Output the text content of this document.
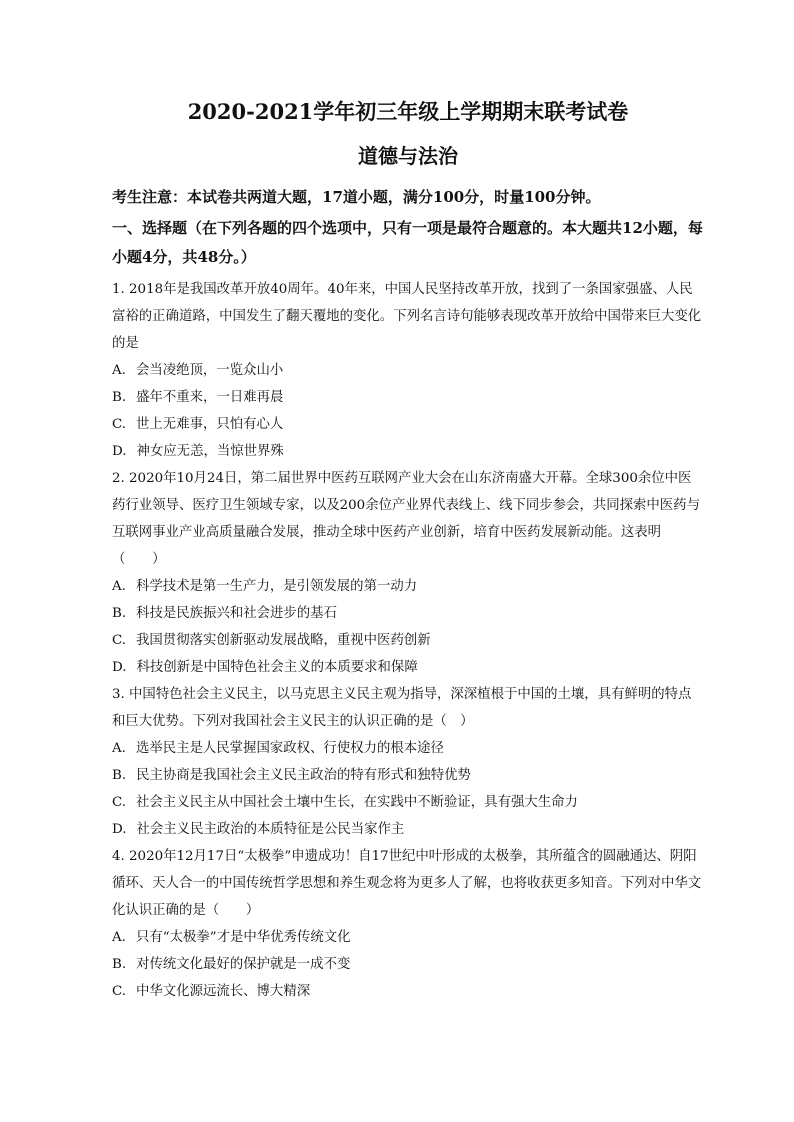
2020-2021学年初三年级上学期期末联考试卷
道德与法治
考生注意：本试卷共两道大题，17道小题，满分100分，时量100分钟。
一、选择题（在下列各题的四个选项中，只有一项是最符合题意的。本大题共12小题，每小题4分，共48分。）

1. 2018年是我国改革开放40周年。40年来，中国人民坚持改革开放，找到了一条国家强盛、人民富裕的正确道路，中国发生了翻天覆地的变化。下列名言诗句能够表现改革开放给中国带来巨大变化的是

A. 会当凌绝顶，一览众山小

B. 盛年不重来，一日难再晨

C. 世上无难事，只怕有心人

D. 神女应无恙，当惊世界殊

2. 2020年10月24日，第二届世界中医药互联网产业大会在山东济南盛大开幕。全球300余位中医药行业领导、医疗卫生领域专家，以及200余位产业界代表线上、线下同步参会，共同探索中医药与互联网事业产业高质量融合发展，推动全球中医药产业创新，培育中医药发展新动能。这表明（　　）

A. 科学技术是第一生产力，是引领发展的第一动力

B. 科技是民族振兴和社会进步的基石

C. 我国贯彻落实创新驱动发展战略，重视中医药创新

D. 科技创新是中国特色社会主义的本质要求和保障

3. 中国特色社会主义民主，以马克思主义民主观为指导，深深植根于中国的土壤，具有鲜明的特点和巨大优势。下列对我国社会主义民主的认识正确的是（　）

A. 选举民主是人民掌握国家政权、行使权力的根本途径

B. 民主协商是我国社会主义民主政治的特有形式和独特优势

C. 社会主义民主从中国社会土壤中生长，在实践中不断验证，具有强大生命力

D. 社会主义民主政治的本质特征是公民当家作主

4. 2020年12月17日“太极拳”申遗成功！自17世纪中叶形成的太极拳，其所蕴含的圆融通达、阴阳循环、天人合一的中国传统哲学思想和养生观念将为更多人了解，也将收获更多知音。下列对中华文化认识正确的是（　　）

A. 只有“太极拳”才是中华优秀传统文化

B. 对传统文化最好的保护就是一成不变

C. 中华文化源远流长、博大精深
